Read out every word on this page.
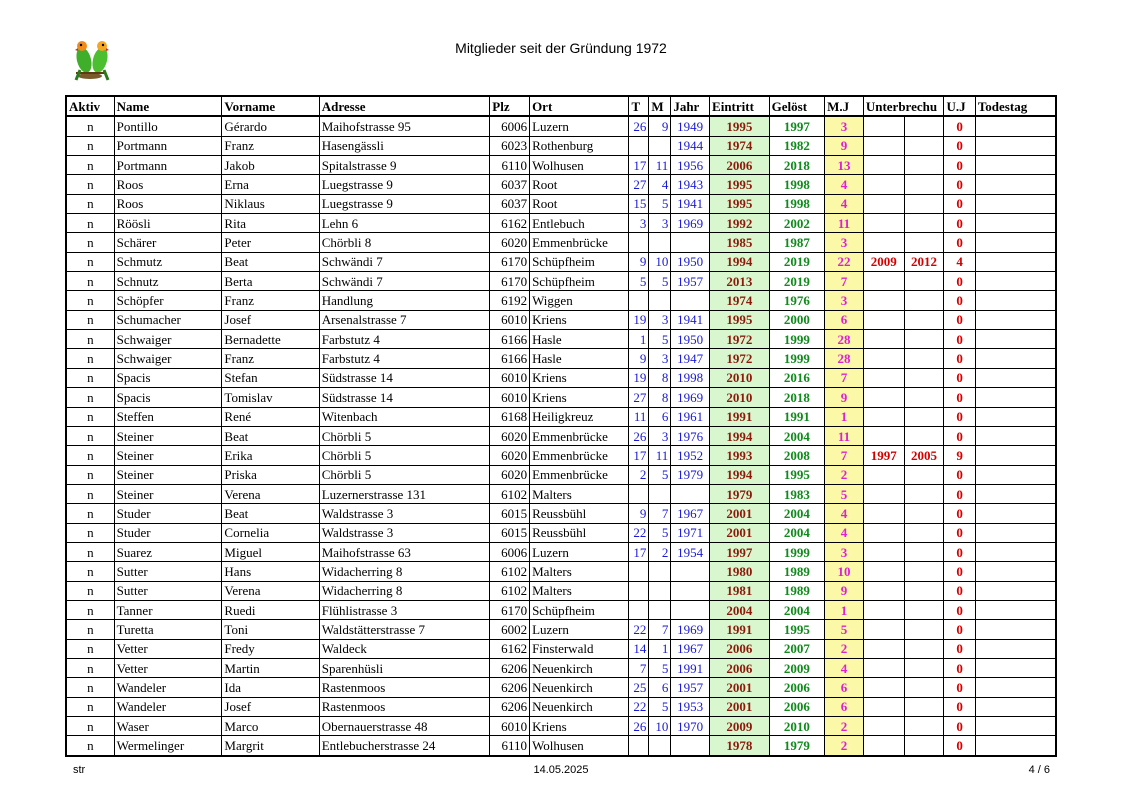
Mitglieder seit der Gründung 1972
Aktiv	Name	Vorname	Adresse	Plz	Ort	T	M	Jahr	Eintritt	Gelöst	M.J	Unterbrechu		U.J	Todestag
n	Pontillo	Gérardo	Maihofstrasse 95	6006	Luzern	26	9	1949	1995	1997	3			0	
n	Portmann	Franz	Hasengässli	6023	Rothenburg			1944	1974	1982	9			0	
n	Portmann	Jakob	Spitalstrasse 9	6110	Wolhusen	17	11	1956	2006	2018	13			0	
n	Roos	Erna	Luegstrasse 9	6037	Root	27	4	1943	1995	1998	4			0	
n	Roos	Niklaus	Luegstrasse 9	6037	Root	15	5	1941	1995	1998	4			0	
n	Röösli	Rita	Lehn 6	6162	Entlebuch	3	3	1969	1992	2002	11			0	
n	Schärer	Peter	Chörbli 8	6020	Emmenbrücke				1985	1987	3			0	
n	Schmutz	Beat	Schwändi 7	6170	Schüpfheim	9	10	1950	1994	2019	22	2009	2012	4	
n	Schnutz	Berta	Schwändi 7	6170	Schüpfheim	5	5	1957	2013	2019	7			0	
n	Schöpfer	Franz	Handlung	6192	Wiggen				1974	1976	3			0	
n	Schumacher	Josef	Arsenalstrasse 7	6010	Kriens	19	3	1941	1995	2000	6			0	
n	Schwaiger	Bernadette	Farbstutz 4	6166	Hasle	1	5	1950	1972	1999	28			0	
n	Schwaiger	Franz	Farbstutz 4	6166	Hasle	9	3	1947	1972	1999	28			0	
n	Spacis	Stefan	Südstrasse 14	6010	Kriens	19	8	1998	2010	2016	7			0	
n	Spacis	Tomislav	Südstrasse 14	6010	Kriens	27	8	1969	2010	2018	9			0	
n	Steffen	René	Witenbach	6168	Heiligkreuz	11	6	1961	1991	1991	1			0	
n	Steiner	Beat	Chörbli 5	6020	Emmenbrücke	26	3	1976	1994	2004	11			0	
n	Steiner	Erika	Chörbli 5	6020	Emmenbrücke	17	11	1952	1993	2008	7	1997	2005	9	
n	Steiner	Priska	Chörbli 5	6020	Emmenbrücke	2	5	1979	1994	1995	2			0	
n	Steiner	Verena	Luzernerstrasse 131	6102	Malters				1979	1983	5			0	
n	Studer	Beat	Waldstrasse 3	6015	Reussbühl	9	7	1967	2001	2004	4			0	
n	Studer	Cornelia	Waldstrasse 3	6015	Reussbühl	22	5	1971	2001	2004	4			0	
n	Suarez	Miguel	Maihofstrasse 63	6006	Luzern	17	2	1954	1997	1999	3			0	
n	Sutter	Hans	Widacherring 8	6102	Malters				1980	1989	10			0	
n	Sutter	Verena	Widacherring 8	6102	Malters				1981	1989	9			0	
n	Tanner	Ruedi	Flühlistrasse 3	6170	Schüpfheim				2004	2004	1			0	
n	Turetta	Toni	Waldstätterstrasse 7	6002	Luzern	22	7	1969	1991	1995	5			0	
n	Vetter	Fredy	Waldeck	6162	Finsterwald	14	1	1967	2006	2007	2			0	
n	Vetter	Martin	Sparenhüsli	6206	Neuenkirch	7	5	1991	2006	2009	4			0	
n	Wandeler	Ida	Rastenmoos	6206	Neuenkirch	25	6	1957	2001	2006	6			0	
n	Wandeler	Josef	Rastenmoos	6206	Neuenkirch	22	5	1953	2001	2006	6			0	
n	Waser	Marco	Obernauerstrasse 48	6010	Kriens	26	10	1970	2009	2010	2			0	
n	Wermelinger	Margrit	Entlebucherstrasse 24	6110	Wolhusen				1978	1979	2			0	
str	14.05.2025	4 / 6
